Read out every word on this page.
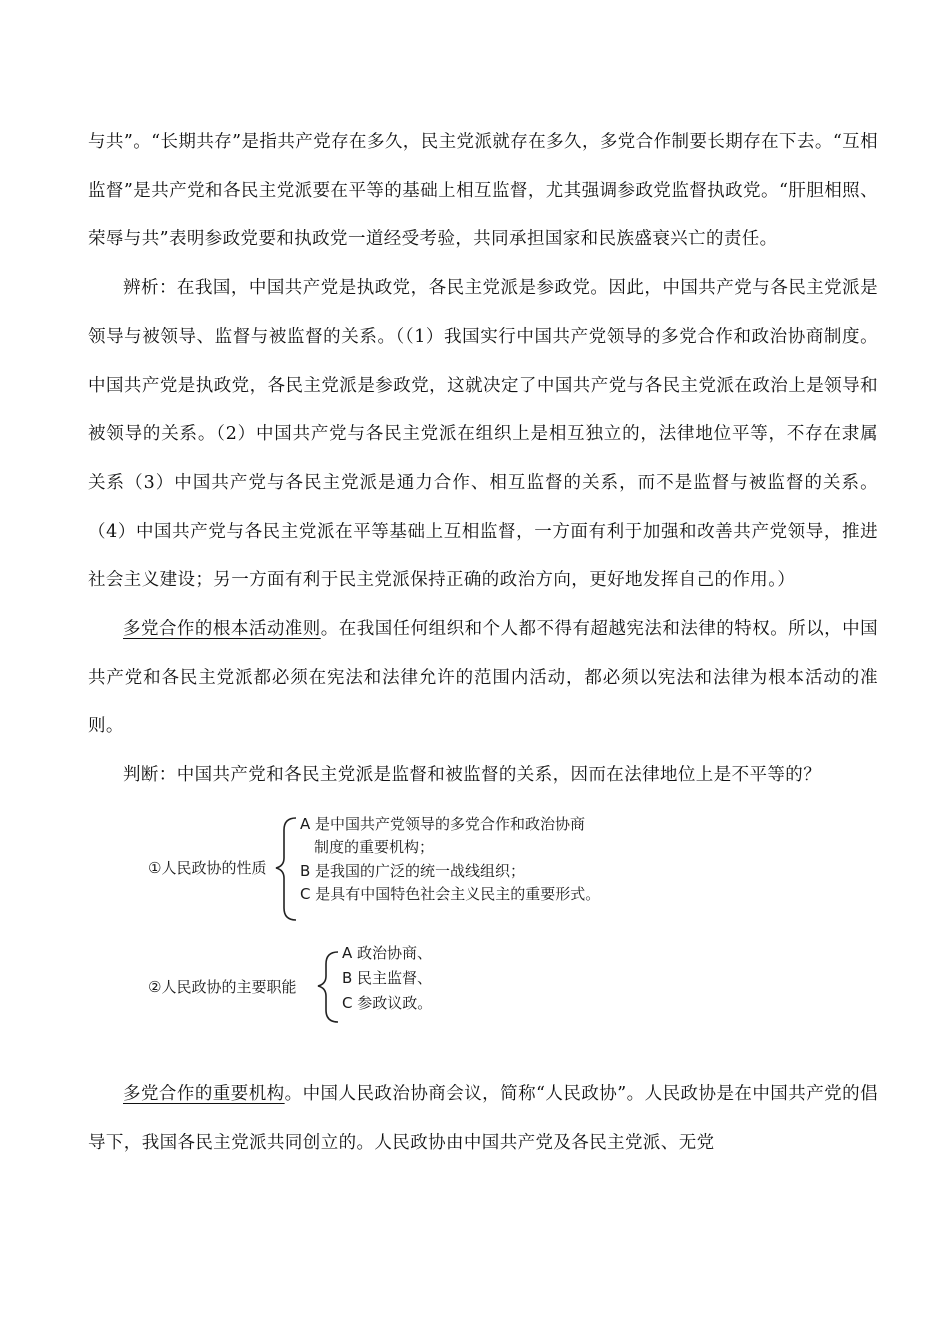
与共”。“长期共存”是指共产党存在多久，民主党派就存在多久，多党合作制要长期存在下去。“互相监督”是共产党和各民主党派要在平等的基础上相互监督，尤其强调参政党监督执政党。“肝胆相照、荣辱与共”表明参政党要和执政党一道经受考验，共同承担国家和民族盛衰兴亡的责任。

辨析：在我国，中国共产党是执政党，各民主党派是参政党。因此，中国共产党与各民主党派是领导与被领导、监督与被监督的关系。（（1）我国实行中国共产党领导的多党合作和政治协商制度。中国共产党是执政党，各民主党派是参政党，这就决定了中国共产党与各民主党派在政治上是领导和被领导的关系。（2）中国共产党与各民主党派在组织上是相互独立的，法律地位平等，不存在隶属关系（3）中国共产党与各民主党派是通力合作、相互监督的关系，而不是监督与被监督的关系。（4）中国共产党与各民主党派在平等基础上互相监督，一方面有利于加强和改善共产党领导，推进社会主义建设；另一方面有利于民主党派保持正确的政治方向，更好地发挥自己的作用。）

多党合作的根本活动准则。在我国任何组织和个人都不得有超越宪法和法律的特权。所以，中国共产党和各民主党派都必须在宪法和法律允许的范围内活动，都必须以宪法和法律为根本活动的准则。

判断：中国共产党和各民主党派是监督和被监督的关系，因而在法律地位上是不平等的？

①人民政协的性质
A 是中国共产党领导的多党合作和政治协商
制度的重要机构；
B 是我国的广泛的统一战线组织；
C 是具有中国特色社会主义民主的重要形式。
②人民政协的主要职能
A 政治协商、
B 民主监督、
C 参政议政。

多党合作的重要机构。中国人民政治协商会议，简称“人民政协”。人民政协是在中国共产党的倡导下，我国各民主党派共同创立的。人民政协由中国共产党及各民主党派、无党
